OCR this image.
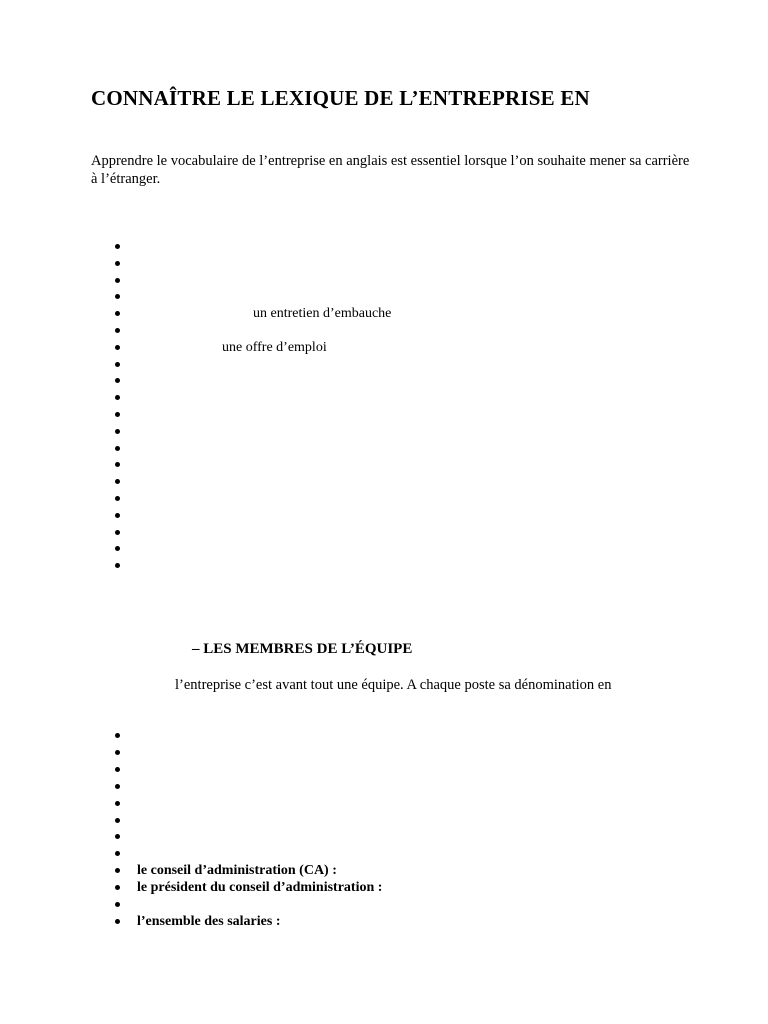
CONNAÎTRE LE LEXIQUE DE L’ENTREPRISE EN

Apprendre le vocabulaire de l’entreprise en anglais est essentiel lorsque l’on souhaite mener sa carrière à l’étranger.

un entretien d’embauche
une offre d’emploi
– LES MEMBRES DE L’ÉQUIPE

l’entreprise c’est avant tout une équipe. A chaque poste sa dénomination en

le conseil d’administration (CA) :
le président du conseil d’administration :
l’ensemble des salaries :
